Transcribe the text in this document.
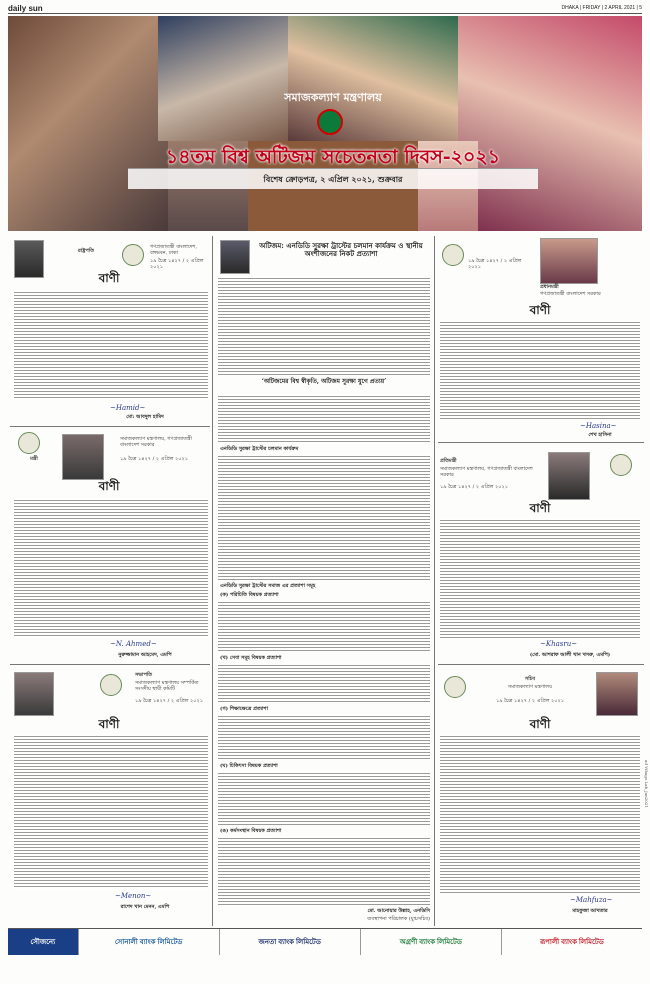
daily sun	DHAKA | FRIDAY | 2 APRIL 2021 | 5
সমাজকল্যাণ মন্ত্রণালয়
১৪তম বিশ্ব অটিজম সচেতনতা দিবস-২০২১
বিশেষ ক্রোড়পত্র, ২ এপ্রিল ২০২১, শুক্রবার
রাষ্ট্রপতি
গণপ্রজাতন্ত্রী বাংলাদেশ, বঙ্গভবন, ঢাকা
১৯ চৈত্র ১৪২৭ / ২ এপ্রিল ২০২১
বাণী
~Hamid~
মো: আবদুল হামিদ
মন্ত্রী
সমাজকল্যাণ মন্ত্রণালয়, গণপ্রজাতন্ত্রী বাংলাদেশ সরকার
১৯ চৈত্র ১৪২৭ / ২ এপ্রিল ২০২১
বাণী
~N. Ahmed~
নুরুজ্জামান আহমেদ, এমপি
সভাপতি
সমাজকল্যাণ মন্ত্রণালয় সম্পর্কিত সংসদীয় স্থায়ী কমিটি
১৯ চৈত্র ১৪২৭ / ২ এপ্রিল ২০২১
বাণী
~Menon~
রাশেদ খান মেনন, এমপি
অটিজম: এনডিডি সুরক্ষা ট্রাস্টের চলমান কার্যক্রম ও স্থানীয় অংশীজনের নিকট প্রত্যাশা
‘অটিজমের বিশ্ব স্বীকৃতি, অটিজম সুরক্ষা যুগে প্রত্যয়’
এনডিডি সুরক্ষা ট্রাস্টের চলমান কার্যক্রম
এনডিডি সুরক্ষা ট্রাস্টের সমাজ এর প্রত্যাশা সমূহ
(ক) পরিচিতি বিষয়ক প্রত্যাশা
(খ) সেবা সমূহ বিষয়ক প্রত্যাশা
(গ) শিক্ষাক্ষেত্রে প্রত্যাশা
(ঘ) চিকিৎসা বিষয়ক প্রত্যাশা
(ঙ) কর্মসংস্থান বিষয়ক প্রত্যাশা
মো. আনোয়ার উল্লাহ, এনডিসি
ব্যবস্থাপনা পরিচালক (যুগ্মসচিব)
প্রধানমন্ত্রী
গণপ্রজাতন্ত্রী বাংলাদেশ সরকার
১৯ চৈত্র ১৪২৭ / ২ এপ্রিল ২০২১
বাণী
~Hasina~
শেখ হাসিনা
প্রতিমন্ত্রী
সমাজকল্যাণ মন্ত্রণালয়, গণপ্রজাতন্ত্রী বাংলাদেশ সরকার
১৯ চৈত্র ১৪২৭ / ২ এপ্রিল ২০২১
বাণী
~Khasru~
(মো. আশরাফ আলী খান খসরু, এমপি)
সচিব
সমাজকল্যাণ মন্ত্রণালয়
১৯ চৈত্র ১৪২৭ / ২ এপ্রিল ২০২১
বাণী
~Mahfuza~
মাহফুজা আখতার
ad Vihago Lab_Jan2021
সৌজন্যে	সোনালী ব্যাংক লিমিটেড	জনতা ব্যাংক লিমিটেড	অগ্রণী ব্যাংক লিমিটেড	রূপালী ব্যাংক লিমিটেড
